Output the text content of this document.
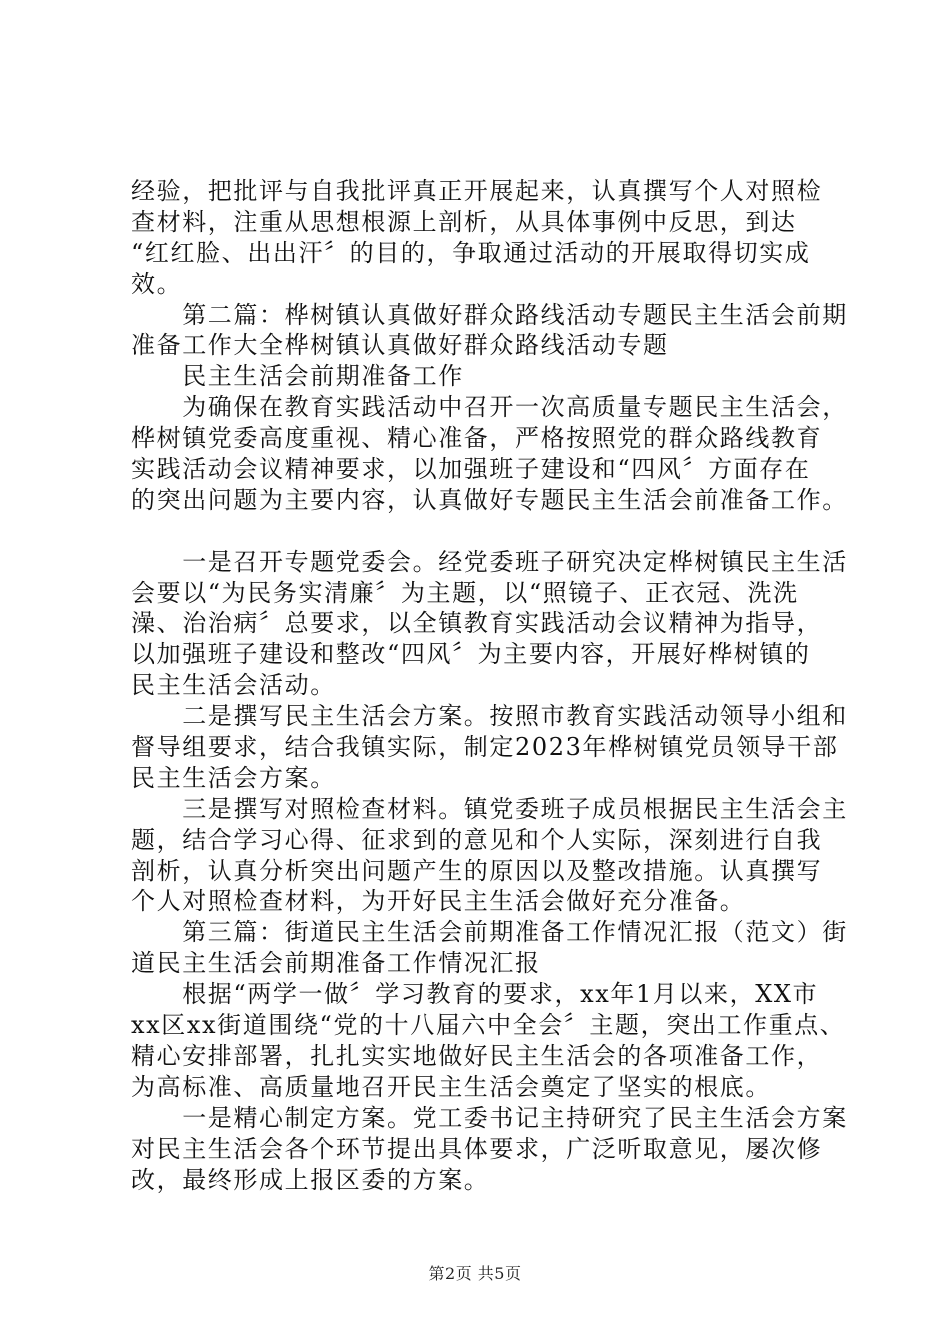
经验，把批评与自我批评真正开展起来，认真撰写个人对照检
查材料，注重从思想根源上剖析，从具体事例中反思，到达
“红红脸、出出汗〞的目的，争取通过活动的开展取得切实成
效。
　　第二篇：桦树镇认真做好群众路线活动专题民主生活会前期
准备工作大全桦树镇认真做好群众路线活动专题
　　民主生活会前期准备工作
　　为确保在教育实践活动中召开一次高质量专题民主生活会，
桦树镇党委高度重视、精心准备，严格按照党的群众路线教育
实践活动会议精神要求，以加强班子建设和“四风〞方面存在
的突出问题为主要内容，认真做好专题民主生活会前准备工作。
　　一是召开专题党委会。经党委班子研究决定桦树镇民主生活
会要以“为民务实清廉〞为主题，以“照镜子、正衣冠、洗洗
澡、治治病〞总要求，以全镇教育实践活动会议精神为指导，
以加强班子建设和整改“四风〞为主要内容，开展好桦树镇的
民主生活会活动。
　　二是撰写民主生活会方案。按照市教育实践活动领导小组和
督导组要求，结合我镇实际，制定2023年桦树镇党员领导干部
民主生活会方案。
　　三是撰写对照检查材料。镇党委班子成员根据民主生活会主
题，结合学习心得、征求到的意见和个人实际，深刻进行自我
剖析，认真分析突出问题产生的原因以及整改措施。认真撰写
个人对照检查材料，为开好民主生活会做好充分准备。
　　第三篇：街道民主生活会前期准备工作情况汇报（范文）街
道民主生活会前期准备工作情况汇报
　　根据“两学一做〞学习教育的要求，xx年1月以来，XX市
xx区xx街道围绕“党的十八届六中全会〞主题，突出工作重点、
精心安排部署，扎扎实实地做好民主生活会的各项准备工作，
为高标准、高质量地召开民主生活会奠定了坚实的根底。
　　一是精心制定方案。党工委书记主持研究了民主生活会方案
对民主生活会各个环节提出具体要求，广泛听取意见，屡次修
改，最终形成上报区委的方案。
第2页 共5页
